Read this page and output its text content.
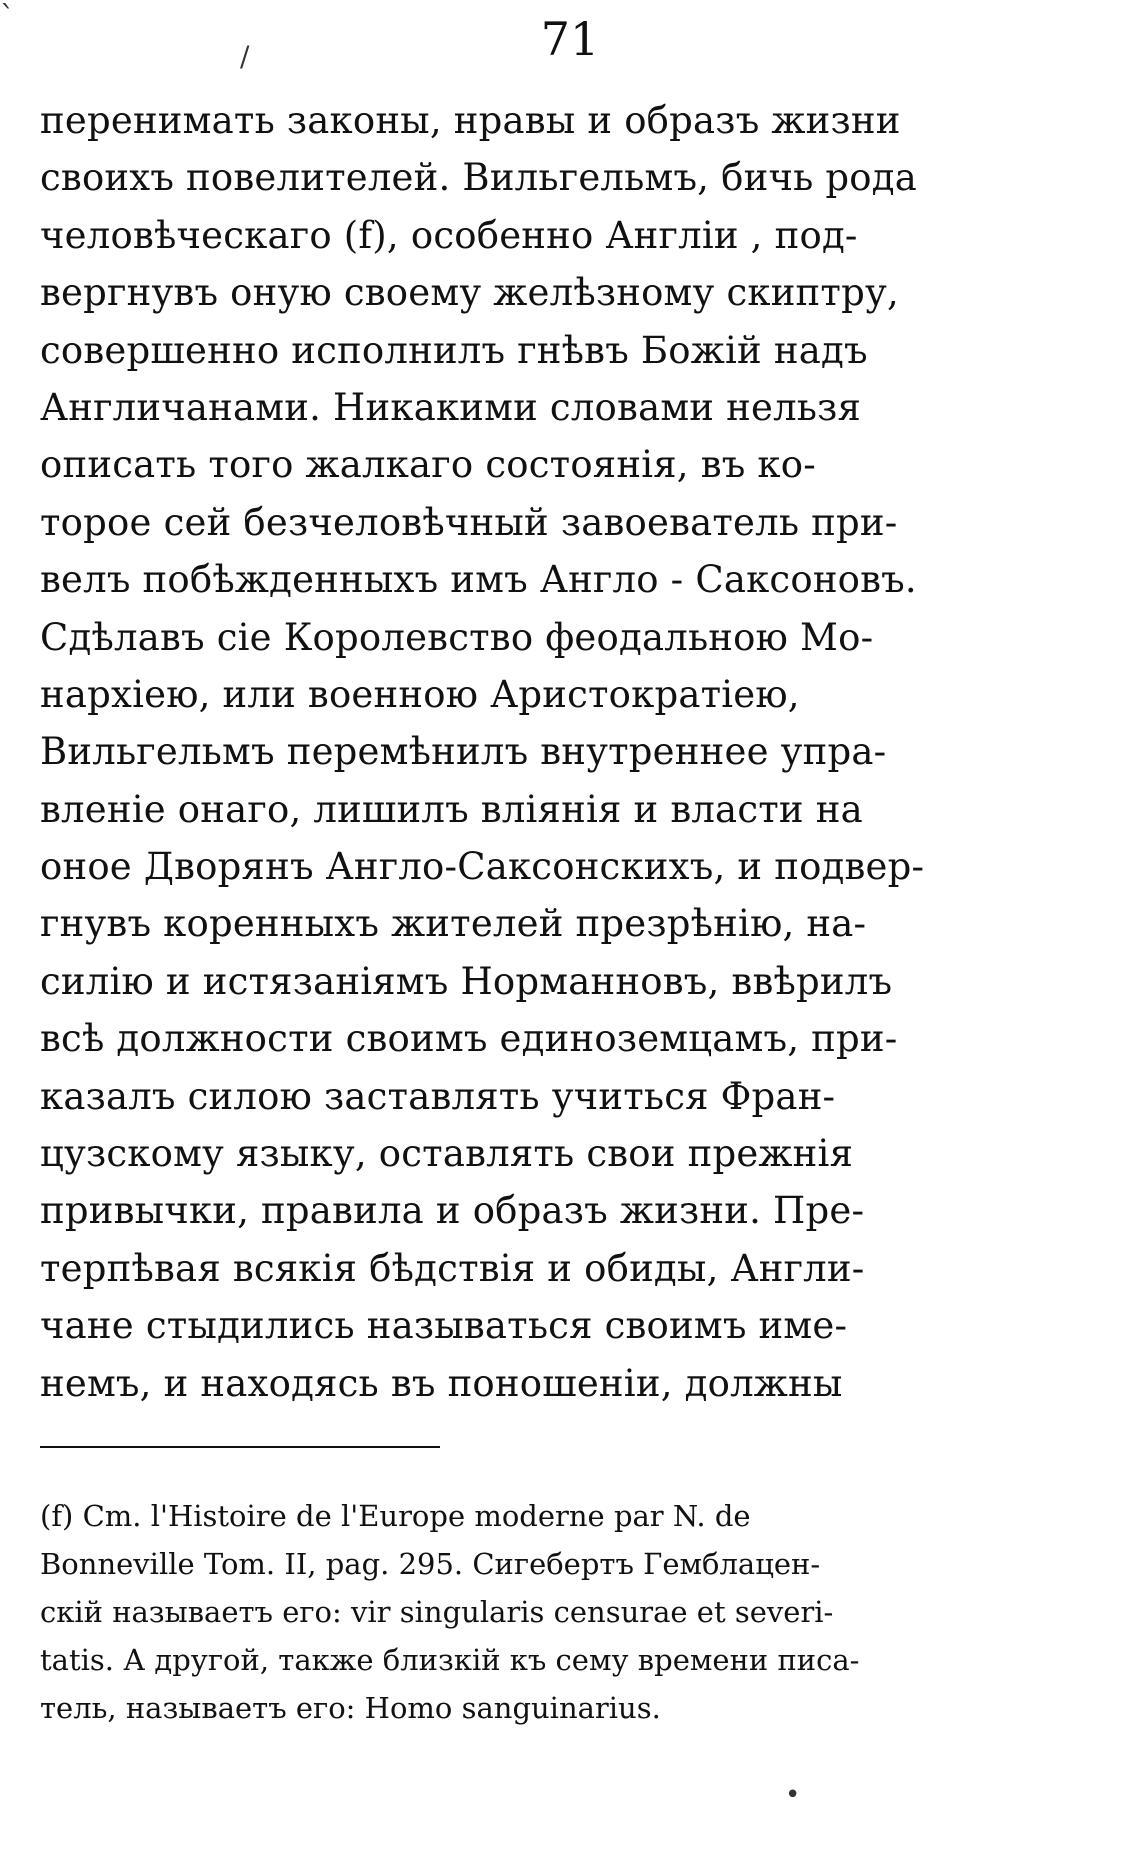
`
/	71
перенимать законы, нравы и образъ жизни
своихъ повелителей. Вильгельмъ, бичь рода
человѣческаго (f), особенно Англіи , под-
вергнувъ оную своему желѣзному скиптру,
совершенно исполнилъ гнѣвъ Божій надъ
Англичанами. Никакими словами нельзя
описать того жалкаго состоянія, въ ко-
торое сей безчеловѣчный завоеватель при-
велъ побѣжденныхъ имъ Англо - Саксоновъ.
Сдѣлавъ сіе Королевство феодальною Мо-
нархіею, или военною Аристократіею,
Вильгельмъ перемѣнилъ внутреннее упра-
вленіе онаго, лишилъ вліянія и власти на
оное Дворянъ Англо-Саксонскихъ, и подвер-
гнувъ коренныхъ жителей презрѣнію, на-
силію и истязаніямъ Норманновъ, ввѣрилъ
всѣ должности своимъ единоземцамъ, при-
казалъ силою заставлять учиться Фран-
цузскому языку, оставлять свои прежнія
привычки, правила и образъ жизни. Пре-
терпѣвая всякія бѣдствія и обиды, Англи-
чане стыдились называться своимъ име-
немъ, и находясь въ поношеніи, должны
(f) Cm. l'Histoire de l'Europe moderne par N. de
Bonneville Tom. II, pag. 295. Сигебертъ Гемблацен-
скій называетъ его: vir singularis censurae et severi-
tatis. А другой, также близкій къ сему времени писа-
тель, называетъ его: Homo sanguinarius.
•
